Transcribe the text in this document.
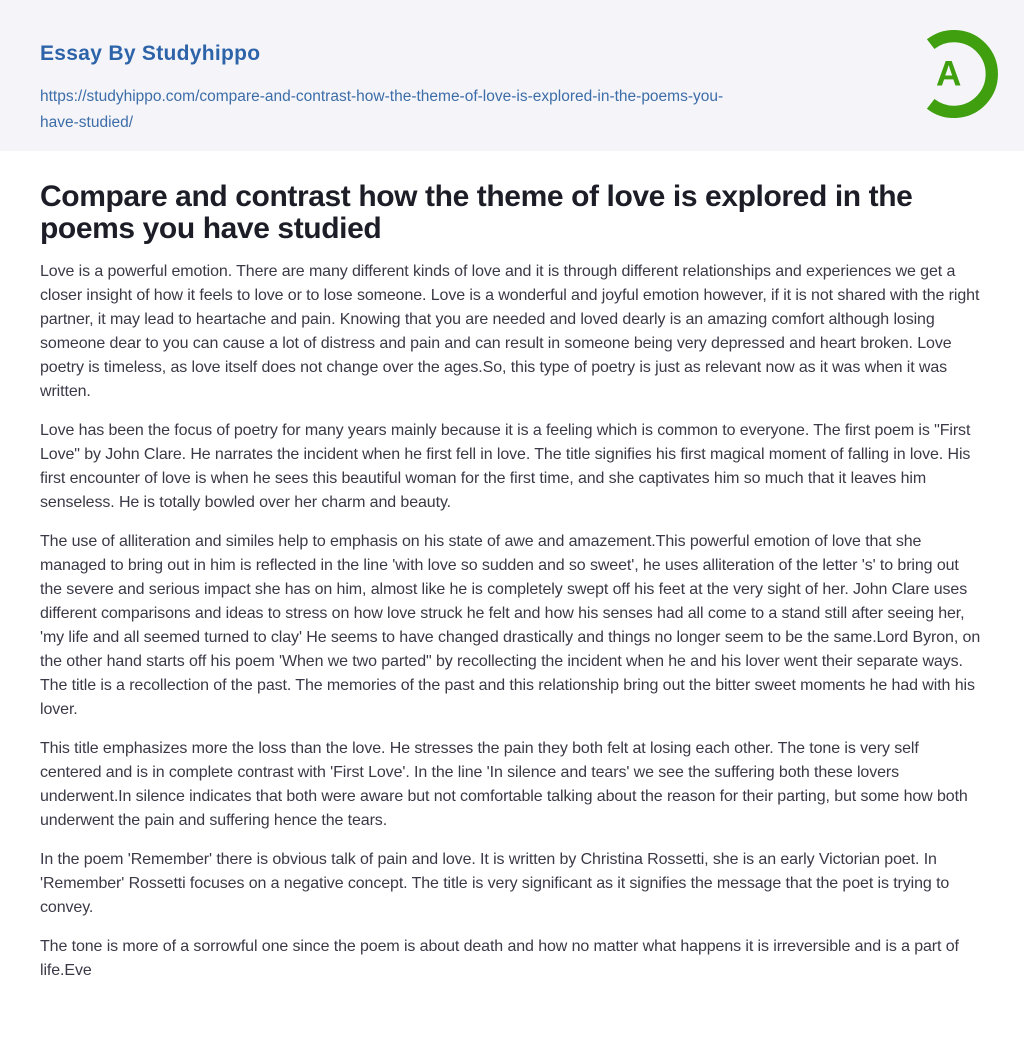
Essay By Studyhippo
https://studyhippo.com/compare-and-contrast-how-the-theme-of-love-is-explored-in-the-poems-you-have-studied/
A
Compare and contrast how the theme of love is explored in the poems you have studied

Love is a powerful emotion. There are many different kinds of love and it is through different relationships and experiences we get a closer insight of how it feels to love or to lose someone. Love is a wonderful and joyful emotion however, if it is not shared with the right partner, it may lead to heartache and pain. Knowing that you are needed and loved dearly is an amazing comfort although losing someone dear to you can cause a lot of distress and pain and can result in someone being very depressed and heart broken. Love poetry is timeless, as love itself does not change over the ages.So, this type of poetry is just as relevant now as it was when it was written.

Love has been the focus of poetry for many years mainly because it is a feeling which is common to everyone. The first poem is "First Love" by John Clare. He narrates the incident when he first fell in love. The title signifies his first magical moment of falling in love. His first encounter of love is when he sees this beautiful woman for the first time, and she captivates him so much that it leaves him senseless. He is totally bowled over her charm and beauty.

The use of alliteration and similes help to emphasis on his state of awe and amazement.This powerful emotion of love that she managed to bring out in him is reflected in the line 'with love so sudden and so sweet', he uses alliteration of the letter 's' to bring out the severe and serious impact she has on him, almost like he is completely swept off his feet at the very sight of her. John Clare uses different comparisons and ideas to stress on how love struck he felt and how his senses had all come to a stand still after seeing her, 'my life and all seemed turned to clay' He seems to have changed drastically and things no longer seem to be the same.Lord Byron, on the other hand starts off his poem 'When we two parted" by recollecting the incident when he and his lover went their separate ways. The title is a recollection of the past. The memories of the past and this relationship bring out the bitter sweet moments he had with his lover.

This title emphasizes more the loss than the love. He stresses the pain they both felt at losing each other. The tone is very self centered and is in complete contrast with 'First Love'. In the line 'In silence and tears' we see the suffering both these lovers underwent.In silence indicates that both were aware but not comfortable talking about the reason for their parting, but some how both underwent the pain and suffering hence the tears.

In the poem 'Remember' there is obvious talk of pain and love. It is written by Christina Rossetti, she is an early Victorian poet. In 'Remember' Rossetti focuses on a negative concept. The title is very significant as it signifies the message that the poet is trying to convey.

The tone is more of a sorrowful one since the poem is about death and how no matter what happens it is irreversible and is a part of life.Eve
